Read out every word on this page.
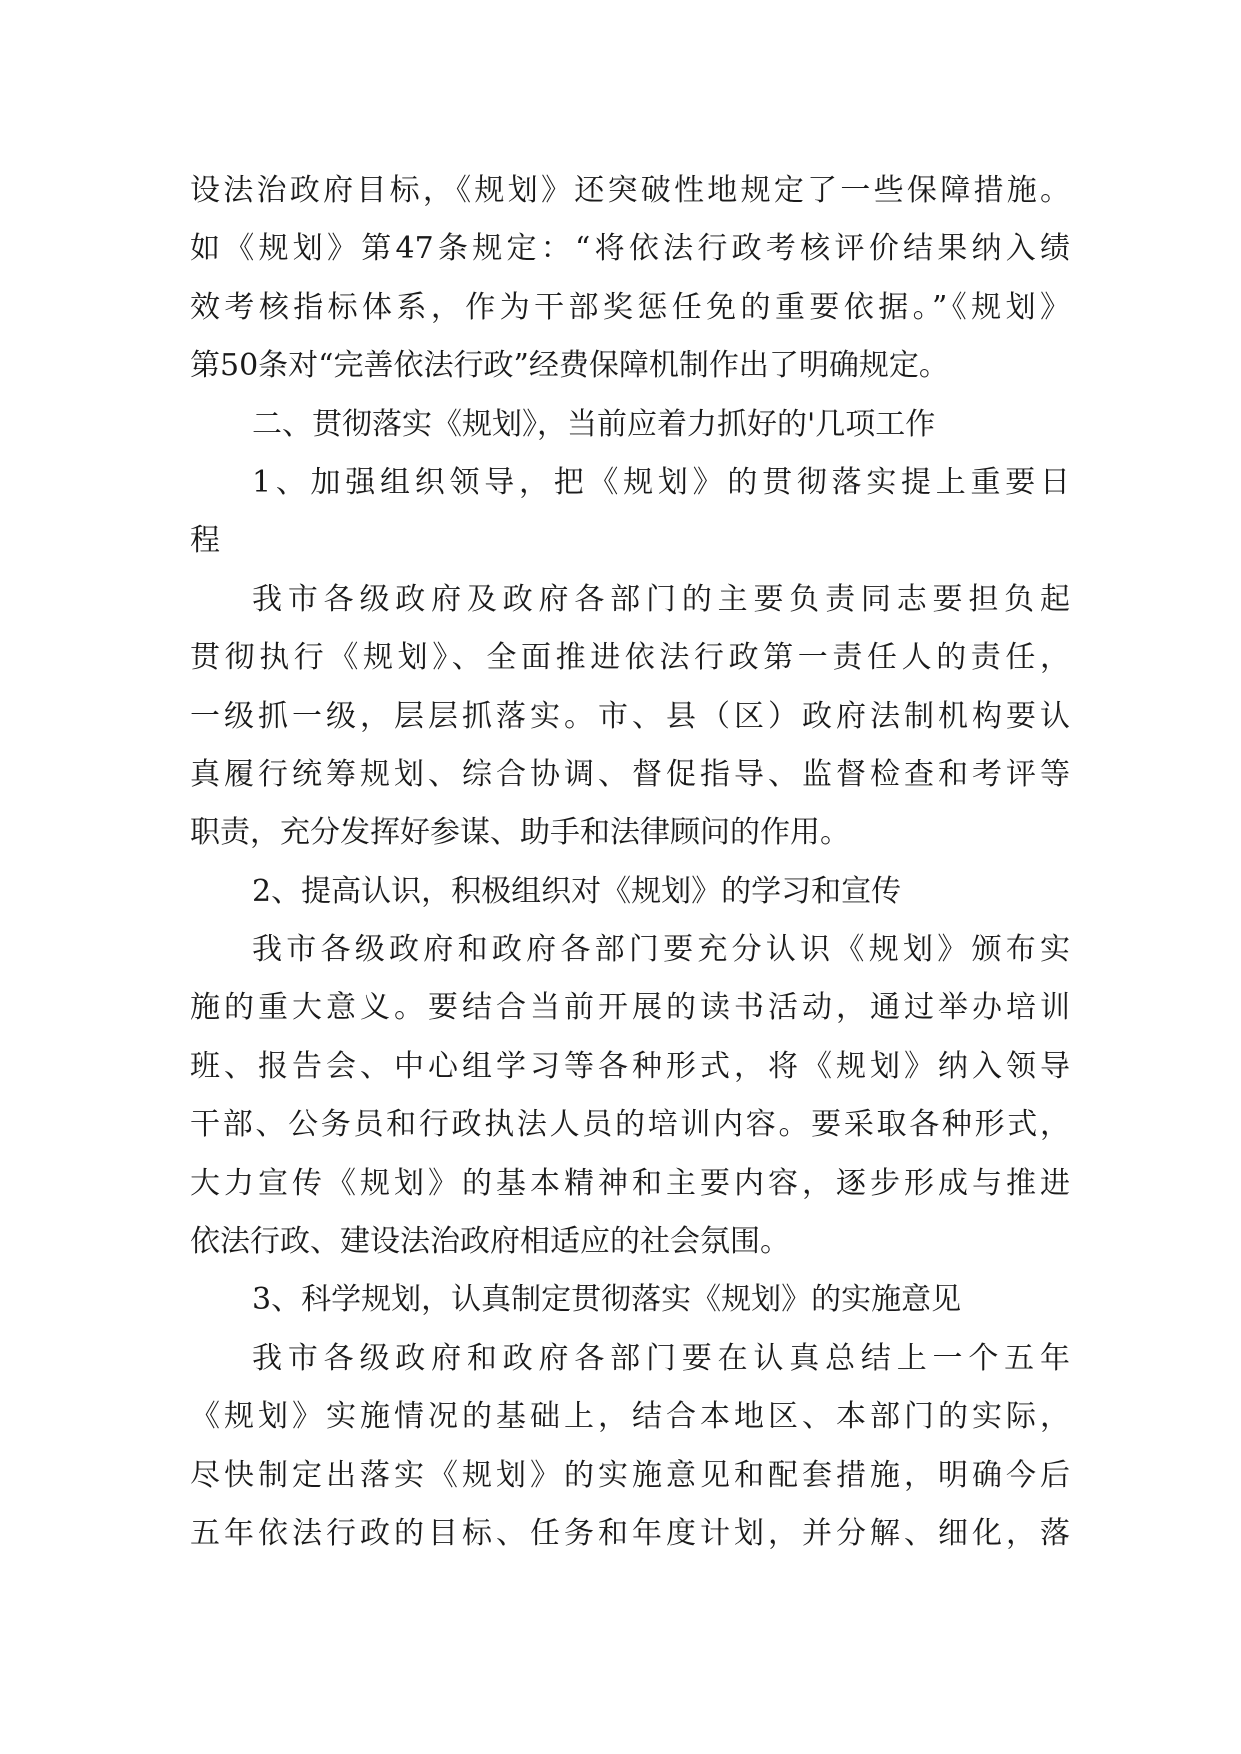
设法治政府目标，《规划》还突破性地规定了一些保障措施。
如《规划》第47条规定：“将依法行政考核评价结果纳入绩
效考核指标体系，作为干部奖惩任免的重要依据。”《规划》
第50条对“完善依法行政”经费保障机制作出了明确规定。
二、贯彻落实《规划》，当前应着力抓好的'几项工作
1、加强组织领导，把《规划》的贯彻落实提上重要日
程
我市各级政府及政府各部门的主要负责同志要担负起
贯彻执行《规划》、全面推进依法行政第一责任人的责任，
一级抓一级，层层抓落实。市、县（区）政府法制机构要认
真履行统筹规划、综合协调、督促指导、监督检查和考评等
职责，充分发挥好参谋、助手和法律顾问的作用。
2、提高认识，积极组织对《规划》的学习和宣传
我市各级政府和政府各部门要充分认识《规划》颁布实
施的重大意义。要结合当前开展的读书活动，通过举办培训
班、报告会、中心组学习等各种形式，将《规划》纳入领导
干部、公务员和行政执法人员的培训内容。要采取各种形式，
大力宣传《规划》的基本精神和主要内容，逐步形成与推进
依法行政、建设法治政府相适应的社会氛围。
3、科学规划，认真制定贯彻落实《规划》的实施意见
我市各级政府和政府各部门要在认真总结上一个五年
《规划》实施情况的基础上，结合本地区、本部门的实际，
尽快制定出落实《规划》的实施意见和配套措施，明确今后
五年依法行政的目标、任务和年度计划，并分解、细化，落
